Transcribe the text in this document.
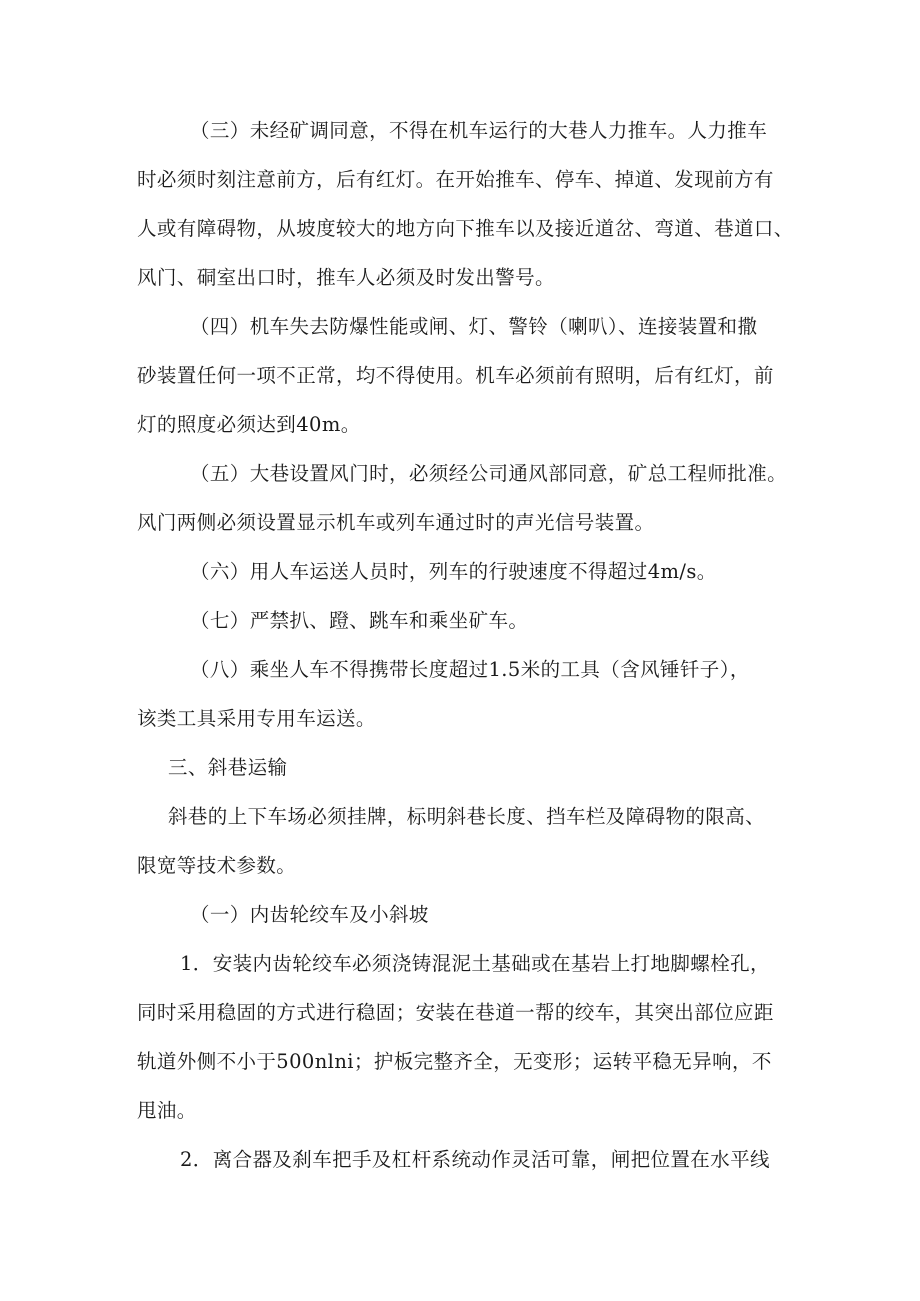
（三）未经矿调同意，不得在机车运行的大巷人力推车。人力推车
时必须时刻注意前方，后有红灯。在开始推车、停车、掉道、发现前方有
人或有障碍物，从坡度较大的地方向下推车以及接近道岔、弯道、巷道口、
风门、硐室出口时，推车人必须及时发出警号。
（四）机车失去防爆性能或闸、灯、警铃（喇叭）、连接装置和撒
砂装置任何一项不正常，均不得使用。机车必须前有照明，后有红灯，前
灯的照度必须达到40m。
（五）大巷设置风门时，必须经公司通风部同意，矿总工程师批准。
风门两侧必须设置显示机车或列车通过时的声光信号装置。
（六）用人车运送人员时，列车的行驶速度不得超过4m/s。
（七）严禁扒、蹬、跳车和乘坐矿车。
（八）乘坐人车不得携带长度超过1.5米的工具（含风锤钎子），
该类工具采用专用车运送。
三、斜巷运输
斜巷的上下车场必须挂牌，标明斜巷长度、挡车栏及障碍物的限高、
限宽等技术参数。
（一）内齿轮绞车及小斜坡
1．安装内齿轮绞车必须浇铸混泥土基础或在基岩上打地脚螺栓孔，
同时采用稳固的方式进行稳固；安装在巷道一帮的绞车，其突出部位应距
轨道外侧不小于500nlni；护板完整齐全，无变形；运转平稳无异响，不
甩油。
2．离合器及刹车把手及杠杆系统动作灵活可靠，闸把位置在水平线
